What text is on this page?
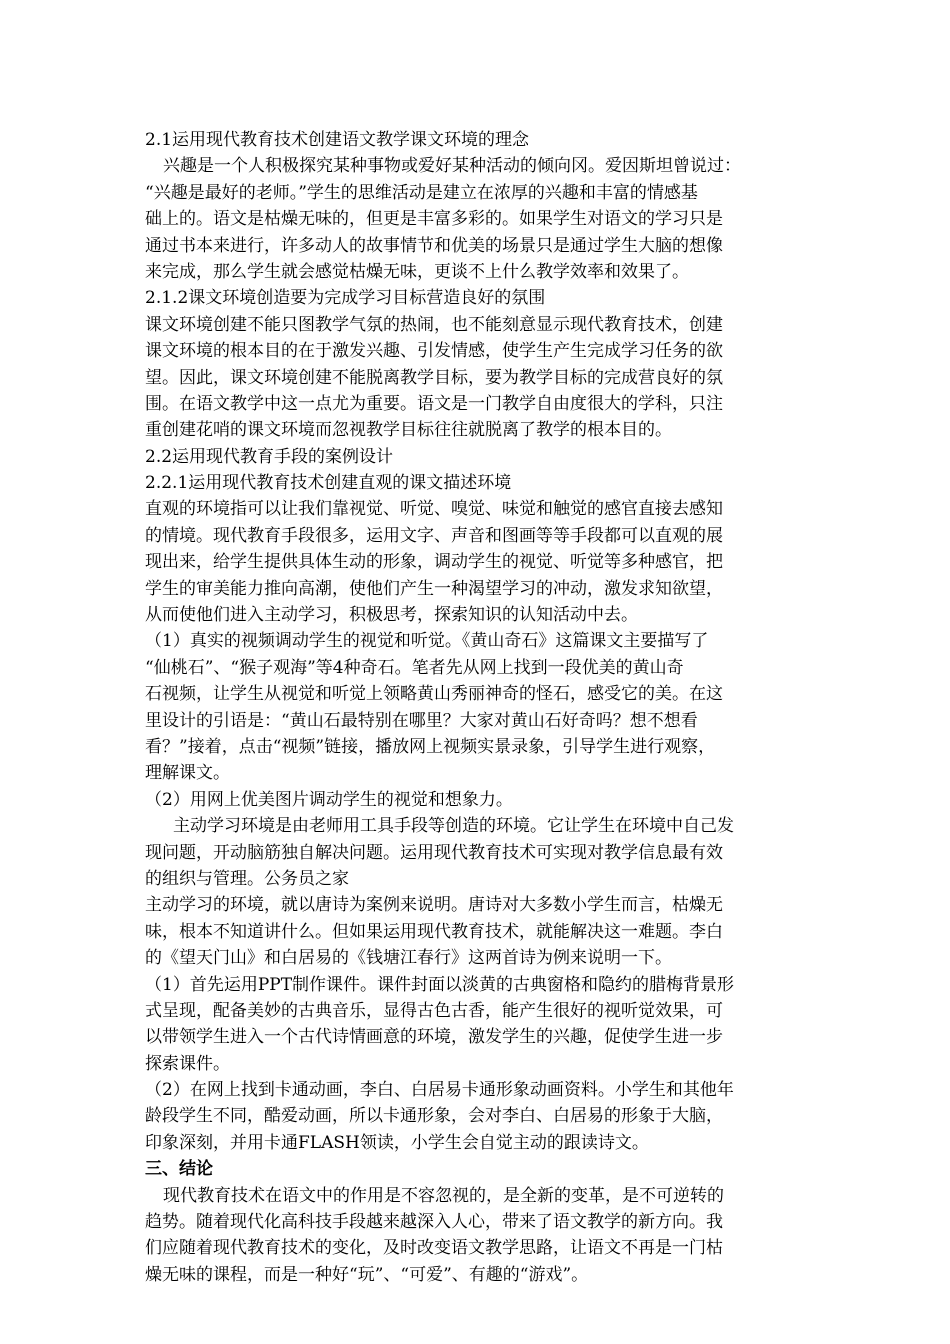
2.1运用现代教育技术创建语文教学课文环境的理念
兴趣是一个人积极探究某种事物或爱好某种活动的倾向冈。爱因斯坦曾说过：
“兴趣是最好的老师。”学生的思维活动是建立在浓厚的兴趣和丰富的情感基
础上的。语文是枯燥无味的，但更是丰富多彩的。如果学生对语文的学习只是
通过书本来进行，许多动人的故事情节和优美的场景只是通过学生大脑的想像
来完成，那么学生就会感觉枯燥无味，更谈不上什么教学效率和效果了。
2.1.2课文环境创造要为完成学习目标营造良好的氛围
课文环境创建不能只图教学气氛的热闹，也不能刻意显示现代教育技术，创建
课文环境的根本目的在于激发兴趣、引发情感，使学生产生完成学习任务的欲
望。因此，课文环境创建不能脱离教学目标，要为教学目标的完成营良好的氛
围。在语文教学中这一点尤为重要。语文是一门教学自由度很大的学科，只注
重创建花哨的课文环境而忽视教学目标往往就脱离了教学的根本目的。
2.2运用现代教育手段的案例设计
2.2.1运用现代教育技术创建直观的课文描述环境
直观的环境指可以让我们靠视觉、听觉、嗅觉、味觉和触觉的感官直接去感知
的情境。现代教育手段很多，运用文字、声音和图画等等手段都可以直观的展
现出来，给学生提供具体生动的形象，调动学生的视觉、听觉等多种感官，把
学生的审美能力推向高潮，使他们产生一种渴望学习的冲动，激发求知欲望，
从而使他们进入主动学习，积极思考，探索知识的认知活动中去。
（1）真实的视频调动学生的视觉和听觉。《黄山奇石》这篇课文主要描写了
“仙桃石”、“猴子观海”等4种奇石。笔者先从网上找到一段优美的黄山奇
石视频，让学生从视觉和听觉上领略黄山秀丽神奇的怪石，感受它的美。在这
里设计的引语是：“黄山石最特别在哪里？大家对黄山石好奇吗？想不想看
看？”接着，点击“视频”链接，播放网上视频实景录象，引导学生进行观察，
理解课文。
（2）用网上优美图片调动学生的视觉和想象力。
主动学习环境是由老师用工具手段等创造的环境。它让学生在环境中自己发
现问题，开动脑筋独自解决问题。运用现代教育技术可实现对教学信息最有效
的组织与管理。公务员之家
主动学习的环境，就以唐诗为案例来说明。唐诗对大多数小学生而言，枯燥无
味，根本不知道讲什么。但如果运用现代教育技术，就能解决这一难题。李白
的《望天门山》和白居易的《钱塘江春行》这两首诗为例来说明一下。
（1）首先运用PPT制作课件。课件封面以淡黄的古典窗格和隐约的腊梅背景形
式呈现，配备美妙的古典音乐，显得古色古香，能产生很好的视听觉效果，可
以带领学生进入一个古代诗情画意的环境，激发学生的兴趣，促使学生进一步
探索课件。
（2）在网上找到卡通动画，李白、白居易卡通形象动画资料。小学生和其他年
龄段学生不同，酷爱动画，所以卡通形象，会对李白、白居易的形象于大脑，
印象深刻，并用卡通FLASH领读，小学生会自觉主动的跟读诗文。
三、结论
现代教育技术在语文中的作用是不容忽视的，是全新的变革，是不可逆转的
趋势。随着现代化高科技手段越来越深入人心，带来了语文教学的新方向。我
们应随着现代教育技术的变化，及时改变语文教学思路，让语文不再是一门枯
燥无味的课程，而是一种好“玩”、“可爱”、有趣的“游戏”。
